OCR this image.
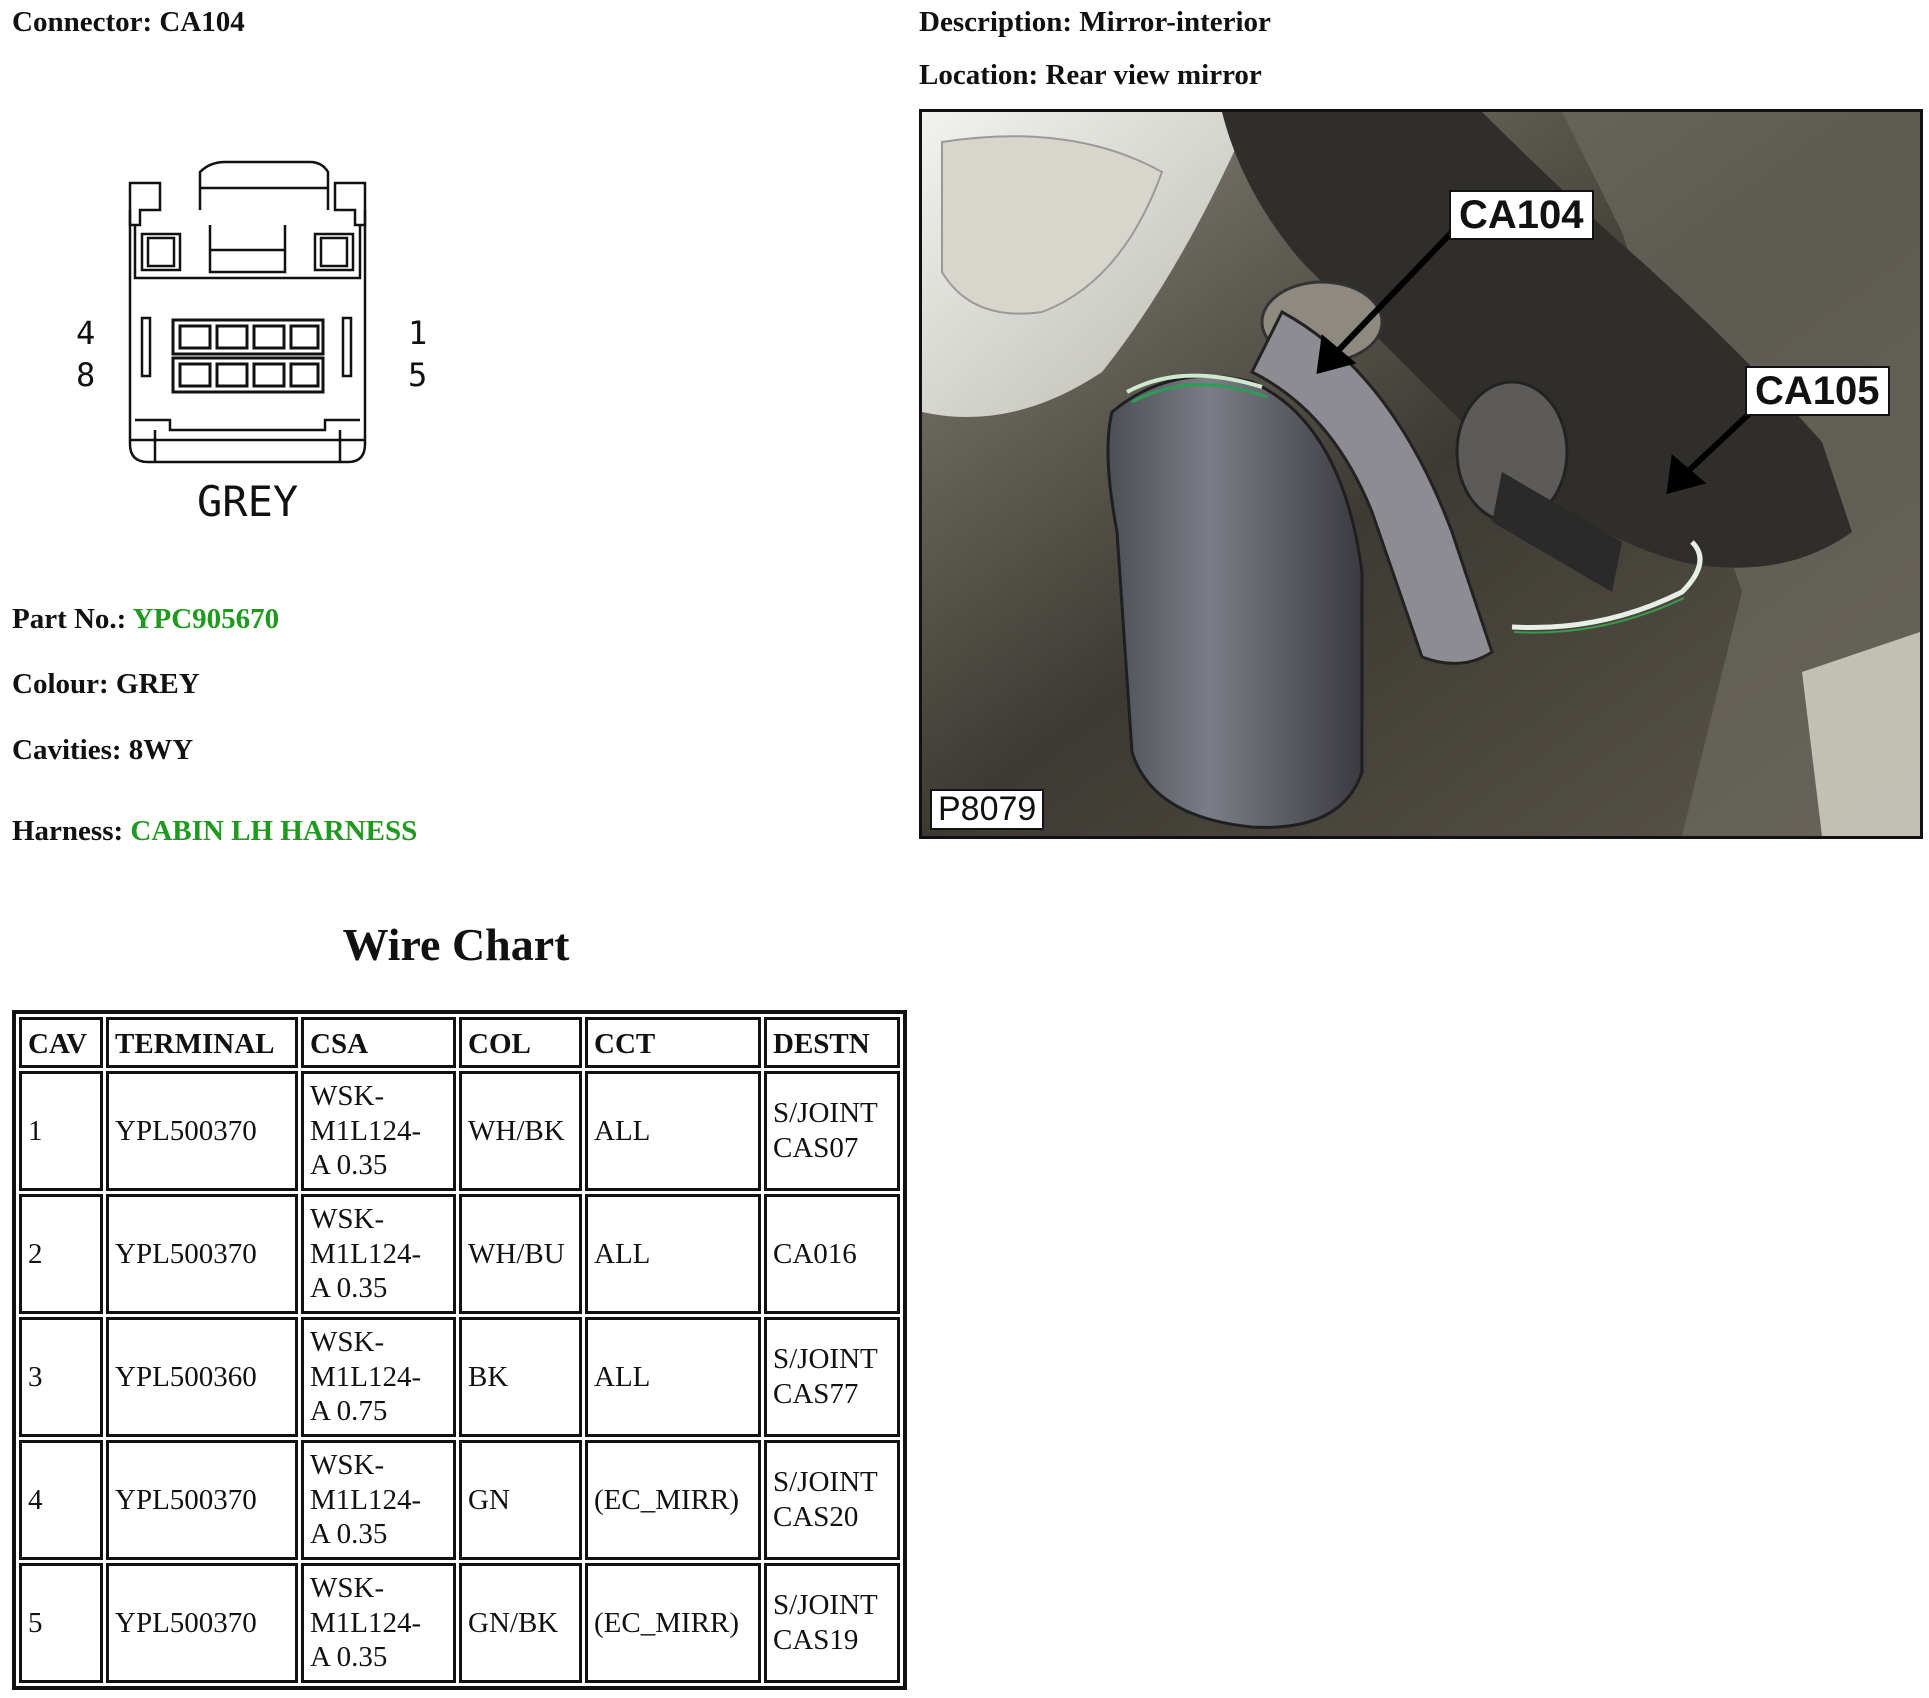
Connector: CA104	Description: Mirror-interior
Location: Rear view mirror
4
8
1
5
GREY
Part No.: YPC905670
Colour: GREY
Cavities: 8WY
Harness: CABIN LH HARNESS
CA104
CA105
P8079
Wire Chart
CAV	TERMINAL	CSA	COL	CCT	DESTN
1	YPL500370	WSK-
M1L124-
A 0.35	WH/BK	ALL	S/JOINT
CAS07

2	YPL500370	WSK-
M1L124-
A 0.35	WH/BU	ALL	CA016

3	YPL500360	WSK-
M1L124-
A 0.75	BK	ALL	S/JOINT
CAS77

4	YPL500370	WSK-
M1L124-
A 0.35	GN	(EC_MIRR)	S/JOINT
CAS20

5	YPL500370	WSK-
M1L124-
A 0.35	GN/BK	(EC_MIRR)	S/JOINT
CAS19
